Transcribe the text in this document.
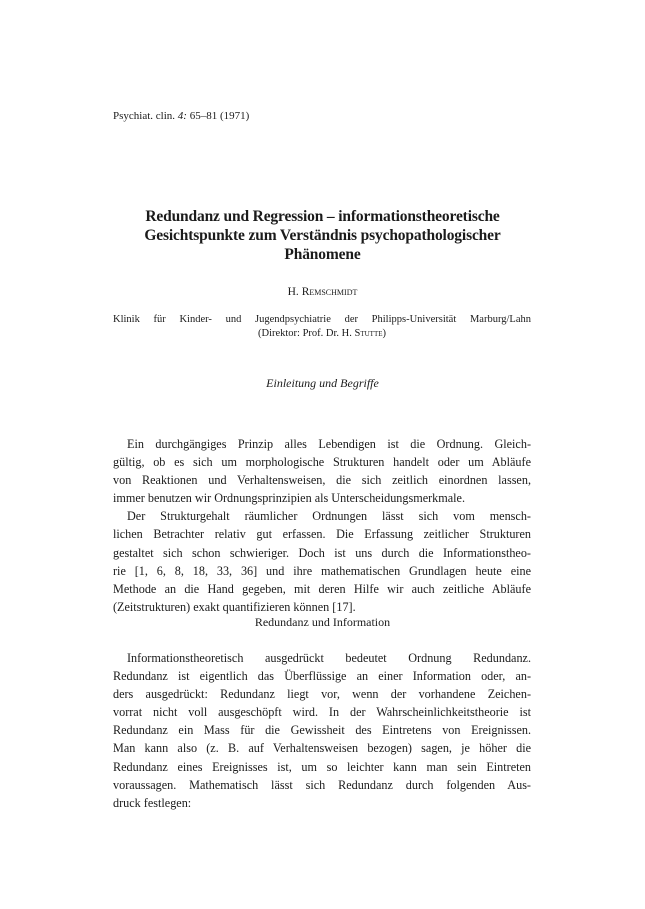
Psychiat. clin. 4: 65–81 (1971)
Redundanz und Regression – informationstheoretische
Gesichtspunkte zum Verständnis psychopathologischer
Phänomene
H. Remschmidt
Klinik für Kinder- und Jugendpsychiatrie der Philipps-Universität Marburg/Lahn
(Direktor: Prof. Dr. H. Stutte)
Einleitung und Begriffe
Ein durchgängiges Prinzip alles Lebendigen ist die Ordnung. Gleich-
gültig, ob es sich um morphologische Strukturen handelt oder um Abläufe
von Reaktionen und Verhaltensweisen, die sich zeitlich einordnen lassen,
immer benutzen wir Ordnungsprinzipien als Unterscheidungsmerkmale.
Der Strukturgehalt räumlicher Ordnungen lässt sich vom mensch-
lichen Betrachter relativ gut erfassen. Die Erfassung zeitlicher Strukturen
gestaltet sich schon schwieriger. Doch ist uns durch die Informationstheo-
rie [1, 6, 8, 18, 33, 36] und ihre mathematischen Grundlagen heute eine
Methode an die Hand gegeben, mit deren Hilfe wir auch zeitliche Abläufe
(Zeitstrukturen) exakt quantifizieren können [17].
Redundanz und Information
Informationstheoretisch ausgedrückt bedeutet Ordnung Redundanz.
Redundanz ist eigentlich das Überflüssige an einer Information oder, an-
ders ausgedrückt: Redundanz liegt vor, wenn der vorhandene Zeichen-
vorrat nicht voll ausgeschöpft wird. In der Wahrscheinlichkeitstheorie ist
Redundanz ein Mass für die Gewissheit des Eintretens von Ereignissen.
Man kann also (z. B. auf Verhaltensweisen bezogen) sagen, je höher die
Redundanz eines Ereignisses ist, um so leichter kann man sein Eintreten
voraussagen. Mathematisch lässt sich Redundanz durch folgenden Aus-
druck festlegen:
